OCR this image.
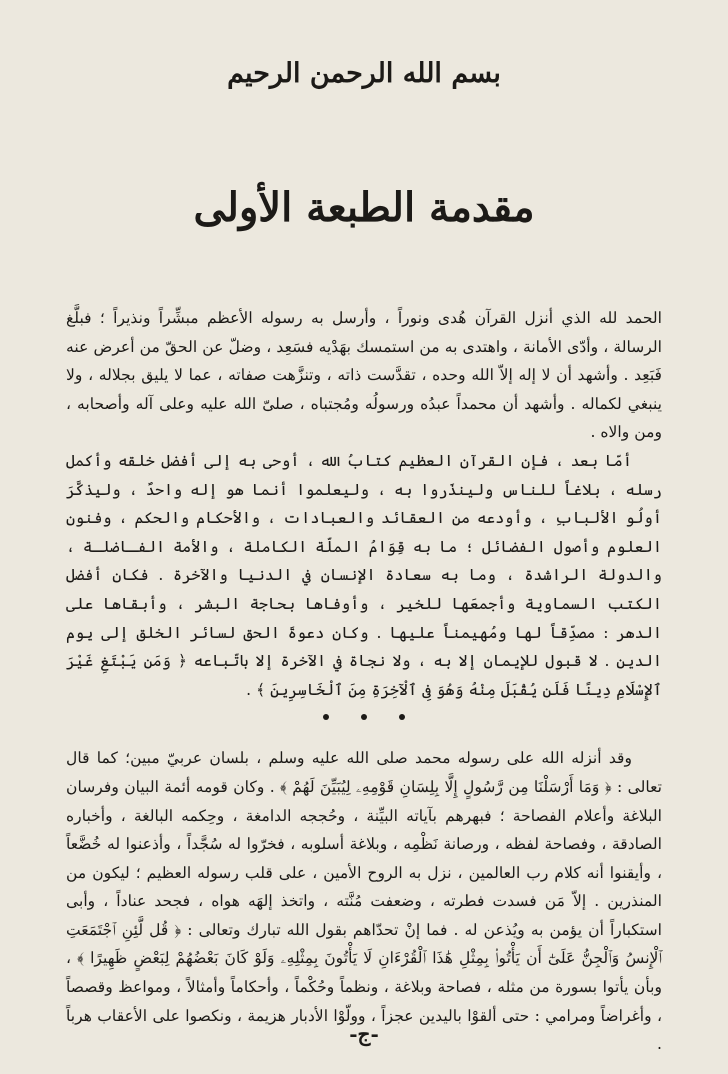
بسم الله الرحمن الرحيم
مقدمة الطبعة الأولى

الحمد لله الذي أنزل القرآن هُدى ونوراً ، وأرسل به رسوله الأعظم مبشِّراً ونذيراً ؛ فبلَّغ الرسالة ، وأدّى الأمانة ، واهتدى به من استمسك بهَدْيه فسَعِد ، وضلّ عن الحقّ من أعرض عنه فَبَعِد . وأشهد أن لا إله إلاّ الله وحده ، تقدَّست ذاته ، وتنزَّهت صفاته ، عما لا يليق بجلاله ، ولا ينبغي لكماله . وأشهد أن محمداً عبدُه ورسولُه ومُجتباه ، صلىّ الله عليه وعلى آله وأصحابه ، ومن والاه .

أمّا بعد ، فإن القرآن العظيم كتابُ الله ، أوحى به إلى أفضل خلقه وأكمل رسله ، بلاغاً للناس ولينذَروا به ، وليعلموا أنما هو إله واحدٌ ، وليذكَّرَ أولُو الألبابِ ، وأودعه من العقائد والعبادات ، والأحكام والحكم ، وفنون العلوم وأصول الفضائل ؛ ما به قِوَامُ الملّة الكاملة ، والأمة الفـاضلـة ، والدولة الراشدة ، وما به سعادة الإنسان في الدنيا والآخرة . فكان أفضل الكتب السماوية وأجمعَها للخير ، وأوفاها بحاجة البشر ، وأبقاها على الدهر : مصدِّقاً لها ومُهيمناً عليها . وكان دعوةَ الحق لسائر الخلق إلى يوم الدين . لا قبول للإيمان إلا به ، ولا نجاة في الآخرة إلا باتّباعه ﴿ وَمَن يَبْتَغِ غَيْرَ ٱلإِسْلَامِ دِينًا فَلَن يُقْبَلَ مِنْهُ وَهُوَ فِى ٱلْآخِرَةِ مِنَ ٱلْخَاسِرِينَ ﴾ .

وقد أنزله الله على رسوله محمد صلى الله عليه وسلم ، بلسان عربيّ مبين؛ كما قال تعالى : ﴿ وَمَا أَرْسَلْنَا مِن رَّسُولٍ إِلَّا بِلِسَانِ قَوْمِهِۦ لِيُبَيِّنَ لَهُمْ ﴾ . وكان قومه أئمة البيان وفرسان البلاغة وأعلام الفصاحة ؛ فبهرهم بآياته البيِّنة ، وحُججه الدامغة ، وحِكمه البالغة ، وأخباره الصادقة ، وفصاحة لفظه ، ورصانة نَظْمِه ، وبلاغة أسلوبه ، فخرّوا له سُجَّداً ، وأذعنوا له خُضَّعاً ، وأيقنوا أنه كلام رب العالمين ، نزل به الروح الأمين ، على قلب رسوله العظيم ؛ ليكون من المنذرين . إلاّ مَن فسدت فطرته ، وضعفت مُنَّته ، واتخذ إلهَه هواه ، فجحد عناداً ، وأبى استكباراً أن يؤمن به ويُذعن له . فما إنْ تحدّاهم بقول الله تبارك وتعالى : ﴿ قُل لَّئِنِ ٱجْتَمَعَتِ ٱلْإِنسُ وَٱلْجِنُّ عَلَىٰٓ أَن يَأْتُوا۟ بِمِثْلِ هَٰذَا ٱلْقُرْءَانِ لَا يَأْتُونَ بِمِثْلِهِۦ وَلَوْ كَانَ بَعْضُهُمْ لِبَعْضٍ ظَهِيرًا ﴾ ، وبأن يأتوا بسورة من مثله ، فصاحة وبلاغة ، ونظماً وحُكْماً ، وأحكاماً وأمثالاً ، ومواعظ وقصصاً ، وأغراضاً ومرامي : حتى ألقوْا باليدين عجزاً ، وولّوْا الأدبار هزيمة ، ونكصوا على الأعقاب هرباً .

-ج-
